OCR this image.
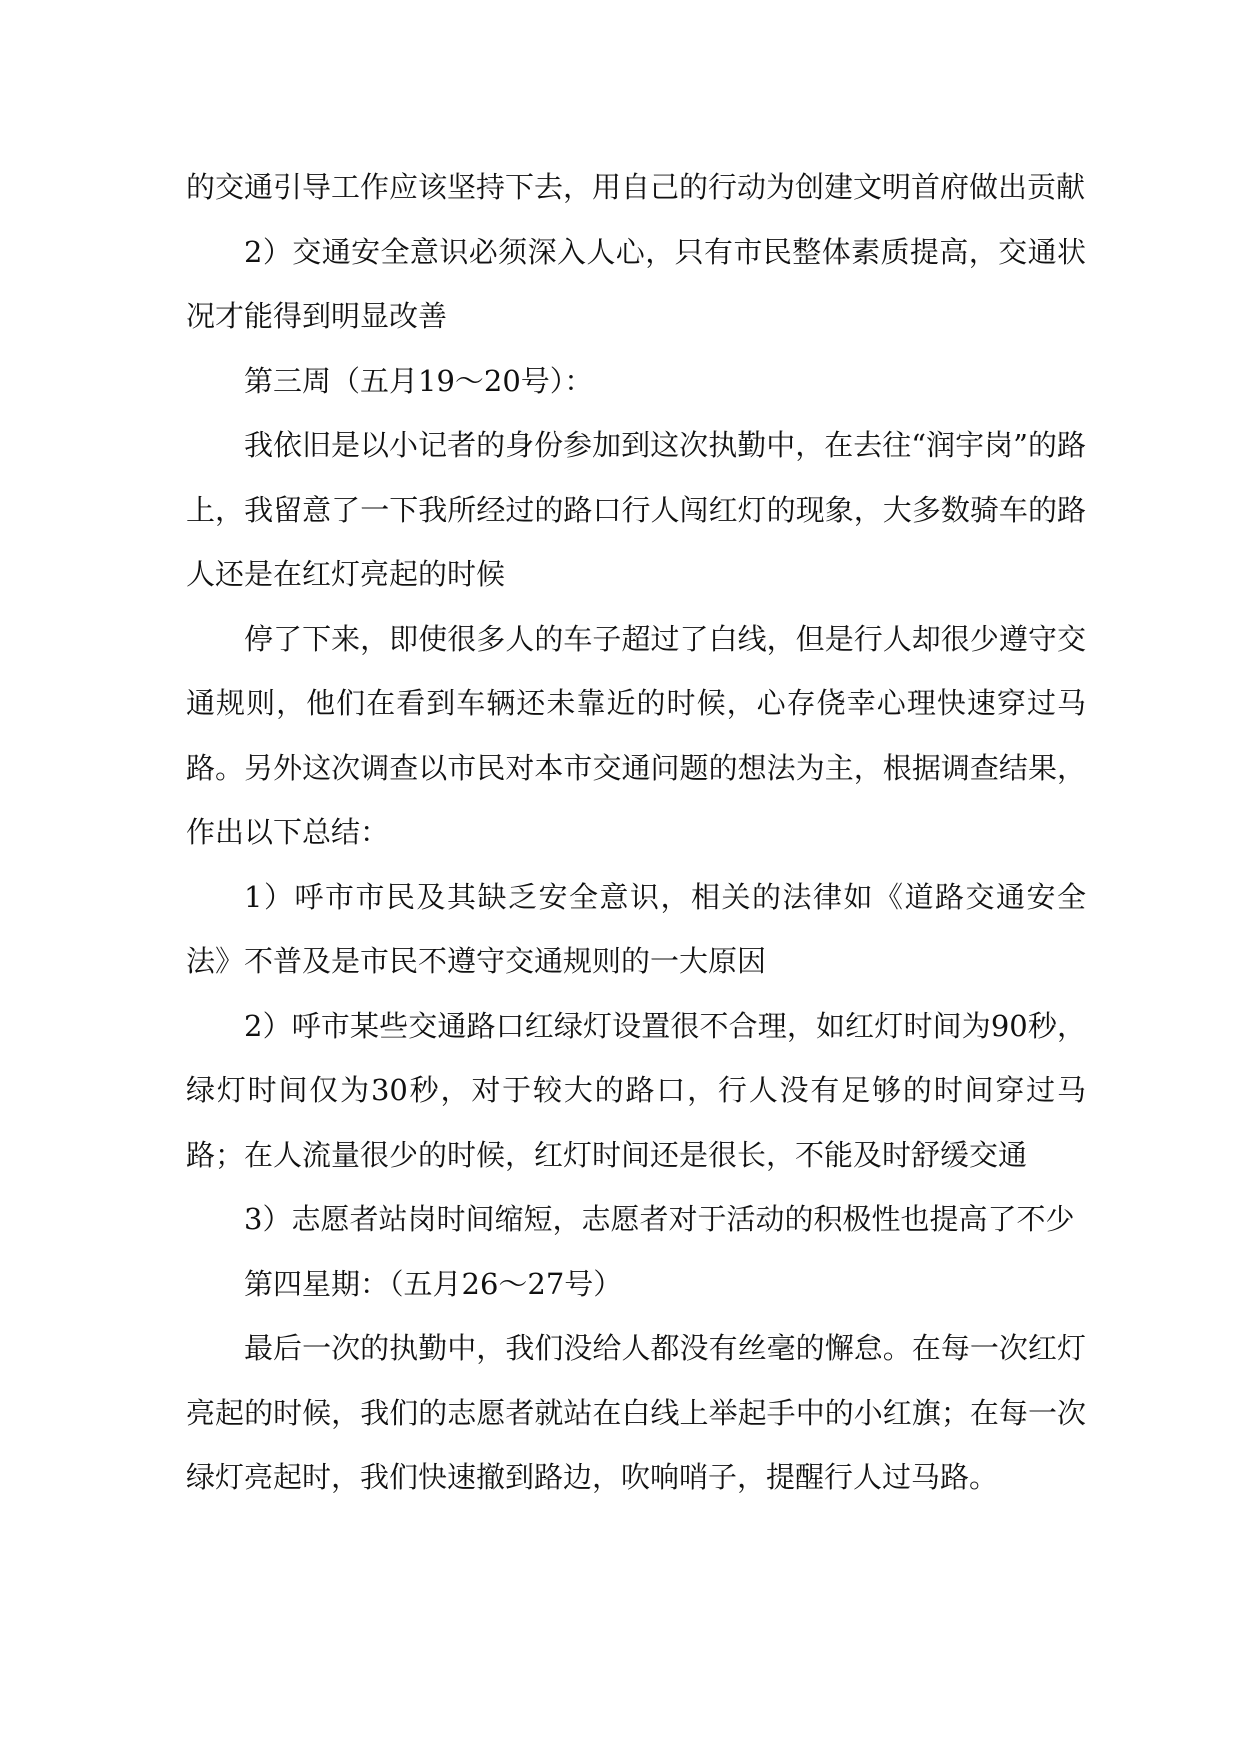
的交通引导工作应该坚持下去，用自己的行动为创建文明首府做出贡献

2）交通安全意识必须深入人心，只有市民整体素质提高，交通状况才能得到明显改善

第三周（五月19～20号）：

我依旧是以小记者的身份参加到这次执勤中，在去往“润宇岗”的路上，我留意了一下我所经过的路口行人闯红灯的现象，大多数骑车的路人还是在红灯亮起的时候

停了下来，即使很多人的车子超过了白线，但是行人却很少遵守交通规则，他们在看到车辆还未靠近的时候，心存侥幸心理快速穿过马路。另外这次调查以市民对本市交通问题的想法为主，根据调查结果，作出以下总结：

1）呼市市民及其缺乏安全意识，相关的法律如《道路交通安全法》不普及是市民不遵守交通规则的一大原因

2）呼市某些交通路口红绿灯设置很不合理，如红灯时间为90秒，绿灯时间仅为30秒，对于较大的路口，行人没有足够的时间穿过马路；在人流量很少的时候，红灯时间还是很长，不能及时舒缓交通

3）志愿者站岗时间缩短，志愿者对于活动的积极性也提高了不少

第四星期：（五月26～27号）

最后一次的执勤中，我们没给人都没有丝毫的懈怠。在每一次红灯亮起的时候，我们的志愿者就站在白线上举起手中的小红旗；在每一次绿灯亮起时，我们快速撤到路边，吹响哨子，提醒行人过马路。
